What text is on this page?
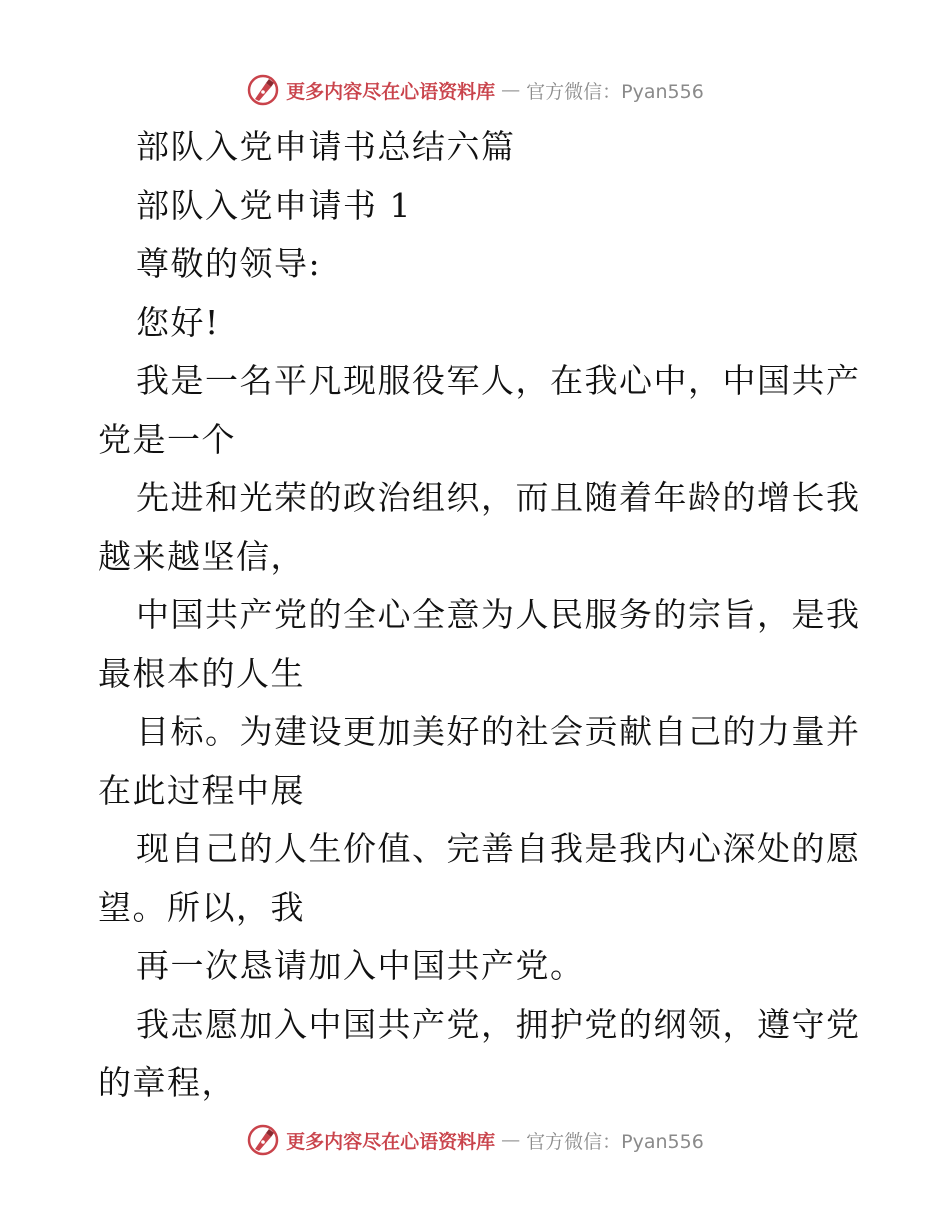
更多内容尽在心语资料库 — 官方微信：Pyan556
部队入党申请书总结六篇
部队入党申请书 1
尊敬的领导:
您好!
我是一名平凡现服役军人，在我心中，中国共产
党是一个
先进和光荣的政治组织，而且随着年龄的增长我
越来越坚信，
中国共产党的全心全意为人民服务的宗旨，是我
最根本的人生
目标。为建设更加美好的社会贡献自己的力量并
在此过程中展
现自己的人生价值、完善自我是我内心深处的愿
望。所以，我
再一次恳请加入中国共产党。
我志愿加入中国共产党，拥护党的纲领，遵守党
的章程，
更多内容尽在心语资料库 — 官方微信：Pyan556
